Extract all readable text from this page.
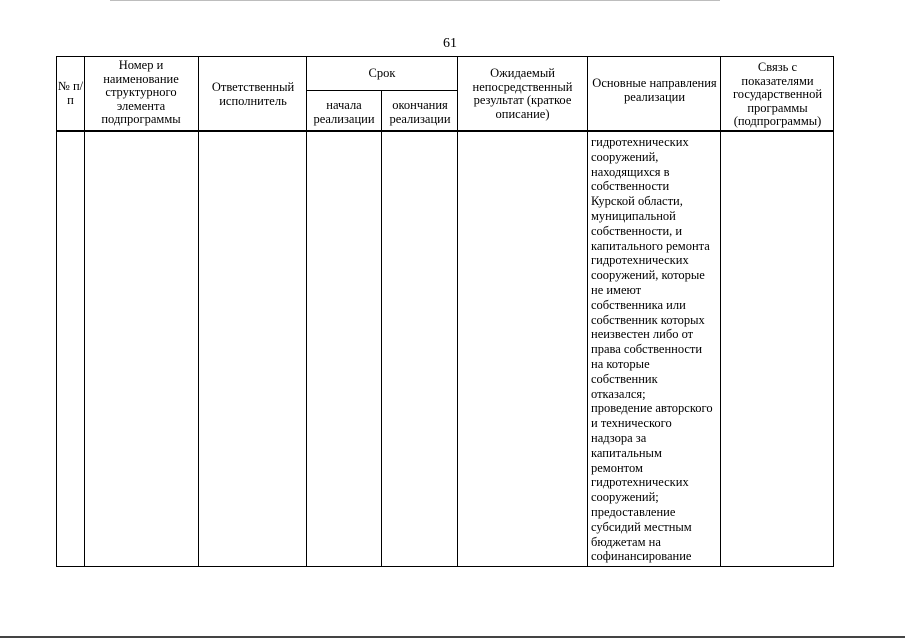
61
№ п/п
Номер и наименование структурного элемента подпрограммы
Ответственный исполнитель
Срок
начала реализации
окончания реализации
Ожидаемый непосредственный результат (краткое описание)
Основные направления реализации
Связь с показателями государственной программы (подпрограммы)
гидротехнических
сооружений,
находящихся в
собственности
Курской области,
муниципальной
собственности, и
капитального ремонта
гидротехнических
сооружений, которые
не имеют
собственника или
собственник которых
неизвестен либо от
права собственности
на которые
собственник
отказался;
проведение авторского
и технического
надзора за
капитальным
ремонтом
гидротехнических
сооружений;
предоставление
субсидий местным
бюджетам на
софинансирование
